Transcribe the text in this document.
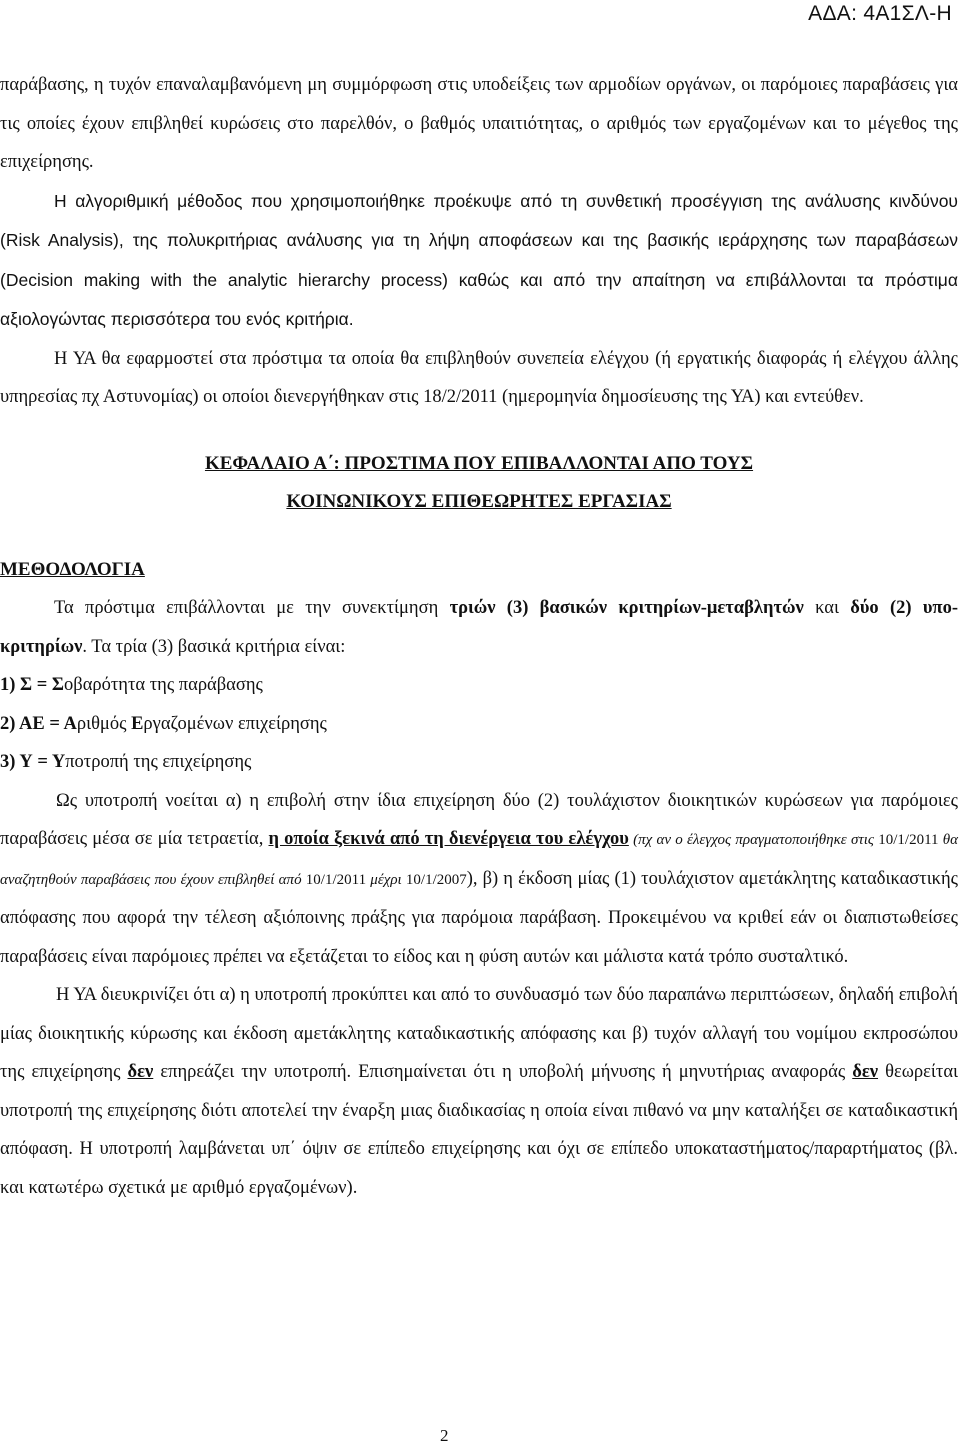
ΑΔΑ: 4Α1ΣΛ-Η

παράβασης, η τυχόν επαναλαμβανόμενη μη συμμόρφωση στις υποδείξεις των αρμοδίων οργάνων, οι παρόμοιες παραβάσεις για τις οποίες έχουν επιβληθεί κυρώσεις στο παρελθόν, ο βαθμός υπαιτιότητας, ο αριθμός των εργαζομένων και το μέγεθος της επιχείρησης.

Η αλγοριθμική μέθοδος που χρησιμοποιήθηκε προέκυψε από τη συνθετική προσέγγιση της ανάλυσης κινδύνου (Risk Analysis), της πολυκριτήριας ανάλυσης για τη λήψη αποφάσεων και της βασικής ιεράρχησης των παραβάσεων (Decision making with the analytic hierarchy process) καθώς και από την απαίτηση να επιβάλλονται τα πρόστιμα αξιολογώντας περισσότερα του ενός κριτήρια.

Η ΥΑ θα εφαρμοστεί στα πρόστιμα τα οποία θα επιβληθούν συνεπεία ελέγχου (ή εργατικής διαφοράς ή ελέγχου άλλης υπηρεσίας πχ Αστυνομίας) οι οποίοι διενεργήθηκαν στις 18/2/2011 (ημερομηνία δημοσίευσης της ΥΑ) και εντεύθεν.

ΚΕΦΑΛΑΙΟ Α΄: ΠΡΟΣΤΙΜΑ ΠΟΥ ΕΠΙΒΑΛΛΟΝΤΑΙ ΑΠΟ ΤΟΥΣ

ΚΟΙΝΩΝΙΚΟΥΣ ΕΠΙΘΕΩΡΗΤΕΣ ΕΡΓΑΣΙΑΣ

ΜΕΘΟΔΟΛΟΓΙΑ

Τα πρόστιμα επιβάλλονται με την συνεκτίμηση τριών (3) βασικών κριτηρίων-μεταβλητών και δύο (2) υπο-κριτηρίων. Τα τρία (3) βασικά κριτήρια είναι:

1) Σ = Σοβαρότητα της παράβασης

2) ΑΕ = Αριθμός Εργαζομένων επιχείρησης

3) Υ = Υποτροπή της επιχείρησης

Ως υποτροπή νοείται α) η επιβολή στην ίδια επιχείρηση δύο (2) τουλάχιστον διοικητικών κυρώσεων για παρόμοιες παραβάσεις μέσα σε μία τετραετία, η οποία ξεκινά από τη διενέργεια του ελέγχου (πχ αν ο έλεγχος πραγματοποιήθηκε στις 10/1/2011 θα αναζητηθούν παραβάσεις που έχουν επιβληθεί από 10/1/2011 μέχρι 10/1/2007), β) η έκδοση μίας (1) τουλάχιστον αμετάκλητης καταδικαστικής απόφασης που αφορά την τέλεση αξιόποινης πράξης για παρόμοια παράβαση. Προκειμένου να κριθεί εάν οι διαπιστωθείσες παραβάσεις είναι παρόμοιες πρέπει να εξετάζεται το είδος και η φύση αυτών και μάλιστα κατά τρόπο συσταλτικό.

Η ΥΑ διευκρινίζει ότι α) η υποτροπή προκύπτει και από το συνδυασμό των δύο παραπάνω περιπτώσεων, δηλαδή επιβολή μίας διοικητικής κύρωσης και έκδοση αμετάκλητης καταδικαστικής απόφασης και β) τυχόν αλλαγή του νομίμου εκπροσώπου της επιχείρησης δεν επηρεάζει την υποτροπή. Επισημαίνεται ότι η υποβολή μήνυσης ή μηνυτήριας αναφοράς δεν θεωρείται υποτροπή της επιχείρησης διότι αποτελεί την έναρξη μιας διαδικασίας η οποία είναι πιθανό να μην καταλήξει σε καταδικαστική απόφαση. Η υποτροπή λαμβάνεται υπ΄ όψιν σε επίπεδο επιχείρησης και όχι σε επίπεδο υποκαταστήματος/παραρτήματος (βλ. και κατωτέρω σχετικά με αριθμό εργαζομένων).

2
